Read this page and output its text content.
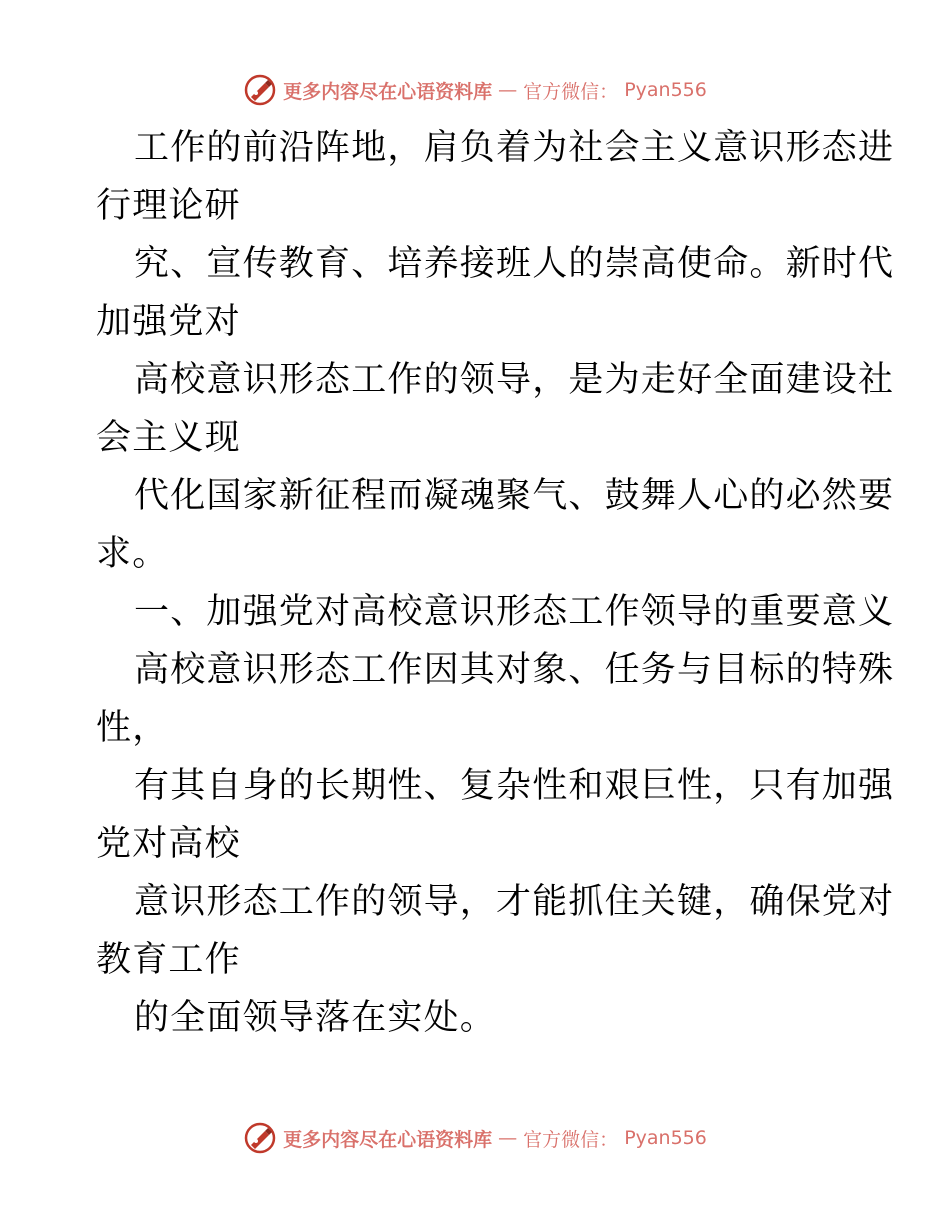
更多内容尽在心语资料库 — 官方微信： Pyan556
工作的前沿阵地，肩负着为社会主义意识形态进
行理论研
究、宣传教育、培养接班人的崇高使命。新时代
加强党对
高校意识形态工作的领导，是为走好全面建设社
会主义现
代化国家新征程而凝魂聚气、鼓舞人心的必然要
求。
一、加强党对高校意识形态工作领导的重要意义
高校意识形态工作因其对象、任务与目标的特殊
性，
有其自身的长期性、复杂性和艰巨性，只有加强
党对高校
意识形态工作的领导，才能抓住关键，确保党对
教育工作
的全面领导落在实处。
更多内容尽在心语资料库 — 官方微信： Pyan556
